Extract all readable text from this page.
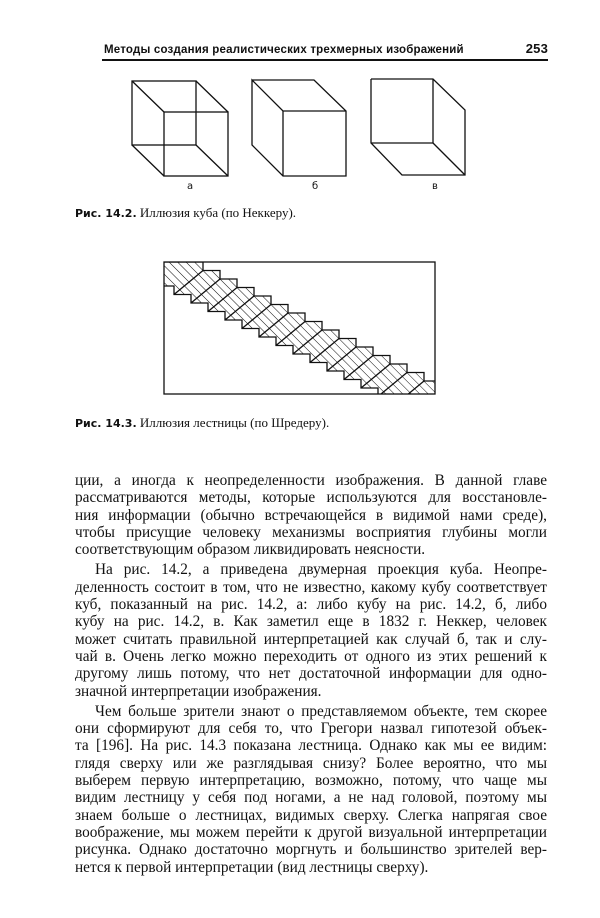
Методы создания реалистических трехмерных изображений	253
а	б	в
Рис. 14.2. Иллюзия куба (по Неккеру).
Рис. 14.3. Иллюзия лестницы (по Шредеру).
ции, а иногда к неопределенности изображения. В данной главе
рассматриваются методы, которые используются для восстановле-
ния информации (обычно встречающейся в видимой нами среде),
чтобы присущие человеку механизмы восприятия глубины могли
соответствующим образом ликвидировать неясности.
На рис. 14.2, а приведена двумерная проекция куба. Неопре-
деленность состоит в том, что не известно, какому кубу соответствует
куб, показанный на рис. 14.2, а: либо кубу на рис. 14.2, б, либо
кубу на рис. 14.2, в. Как заметил еще в 1832 г. Неккер, человек
может считать правильной интерпретацией как случай б, так и слу-
чай в. Очень легко можно переходить от одного из этих решений к
другому лишь потому, что нет достаточной информации для одно-
значной интерпретации изображения.
Чем больше зрители знают о представляемом объекте, тем скорее
они сформируют для себя то, что Грегори назвал гипотезой объек-
та [196]. На рис. 14.3 показана лестница. Однако как мы ее видим:
глядя сверху или же разглядывая снизу? Более вероятно, что мы
выберем первую интерпретацию, возможно, потому, что чаще мы
видим лестницу у себя под ногами, а не над головой, поэтому мы
знаем больше о лестницах, видимых сверху. Слегка напрягая свое
воображение, мы можем перейти к другой визуальной интерпретации
рисунка. Однако достаточно моргнуть и большинство зрителей вер-
нется к первой интерпретации (вид лестницы сверху).
